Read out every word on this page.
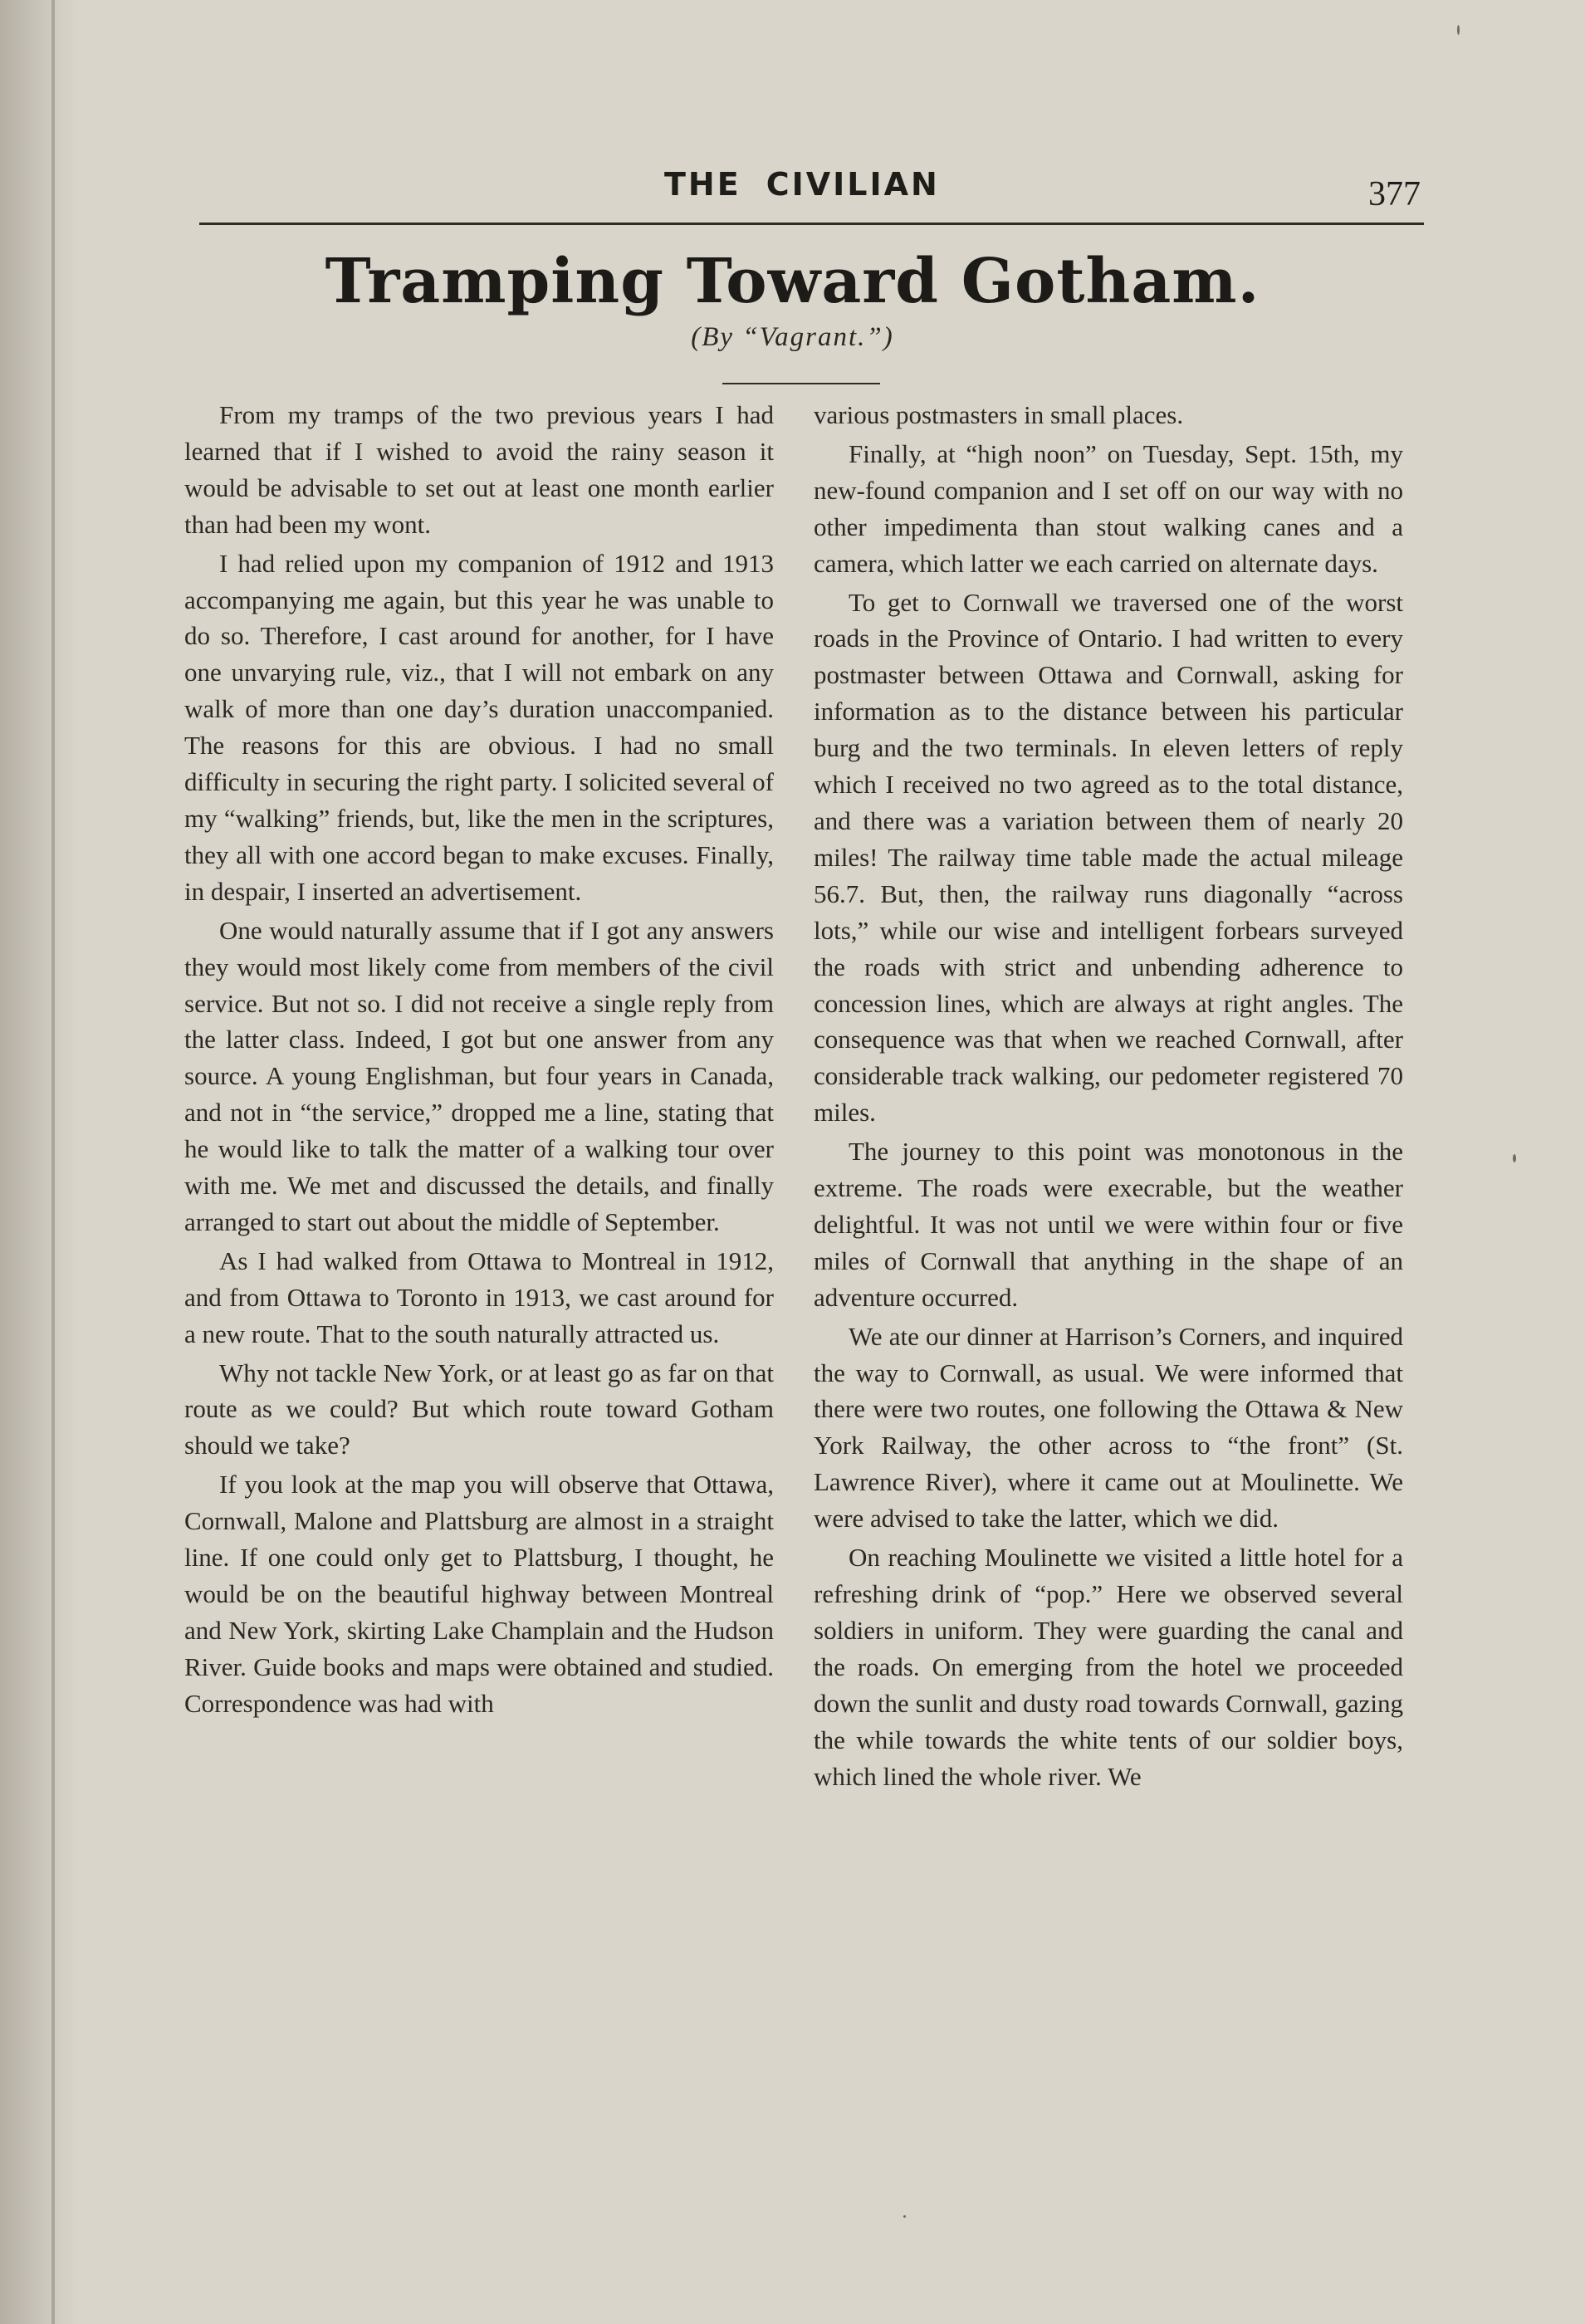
THE CIVILIAN	377
Tramping Toward Gotham.
(By “Vagrant.”)

From my tramps of the two previous years I had learned that if I wished to avoid the rainy season it would be advisable to set out at least one month earlier than had been my wont.

I had relied upon my companion of 1912 and 1913 accompanying me again, but this year he was unable to do so. Therefore, I cast around for another, for I have one unvarying rule, viz., that I will not embark on any walk of more than one day’s duration unaccompanied. The reasons for this are obvious. I had no small difficulty in securing the right party. I solicited several of my “walking” friends, but, like the men in the scriptures, they all with one accord began to make excuses. Finally, in despair, I inserted an advertisement.

One would naturally assume that if I got any answers they would most likely come from members of the civil service. But not so. I did not receive a single reply from the latter class. Indeed, I got but one answer from any source. A young Englishman, but four years in Canada, and not in “the service,” dropped me a line, stating that he would like to talk the matter of a walking tour over with me. We met and discussed the details, and finally arranged to start out about the middle of September.

As I had walked from Ottawa to Montreal in 1912, and from Ottawa to Toronto in 1913, we cast around for a new route. That to the south naturally attracted us.

Why not tackle New York, or at least go as far on that route as we could? But which route toward Gotham should we take?

If you look at the map you will observe that Ottawa, Cornwall, Malone and Plattsburg are almost in a straight line. If one could only get to Plattsburg, I thought, he would be on the beautiful highway between Montreal and New York, skirting Lake Champlain and the Hudson River. Guide books and maps were obtained and studied. Correspondence was had with

various postmasters in small places.

Finally, at “high noon” on Tuesday, Sept. 15th, my new-found companion and I set off on our way with no other impedimenta than stout walking canes and a camera, which latter we each carried on alternate days.

To get to Cornwall we traversed one of the worst roads in the Province of Ontario. I had written to every postmaster between Ottawa and Cornwall, asking for information as to the distance between his particular burg and the two terminals. In eleven letters of reply which I received no two agreed as to the total distance, and there was a variation between them of nearly 20 miles! The railway time table made the actual mileage 56.7. But, then, the railway runs diagonally “across lots,” while our wise and intelligent forbears surveyed the roads with strict and unbending adherence to concession lines, which are always at right angles. The consequence was that when we reached Cornwall, after considerable track walking, our pedometer registered 70 miles.

The journey to this point was monotonous in the extreme. The roads were execrable, but the weather delightful. It was not until we were within four or five miles of Cornwall that anything in the shape of an adventure occurred.

We ate our dinner at Harrison’s Corners, and inquired the way to Cornwall, as usual. We were informed that there were two routes, one following the Ottawa & New York Railway, the other across to “the front” (St. Lawrence River), where it came out at Moulinette. We were advised to take the latter, which we did.

On reaching Moulinette we visited a little hotel for a refreshing drink of “pop.” Here we observed several soldiers in uniform. They were guarding the canal and the roads. On emerging from the hotel we proceeded down the sunlit and dusty road towards Cornwall, gazing the while towards the white tents of our soldier boys, which lined the whole river. We
